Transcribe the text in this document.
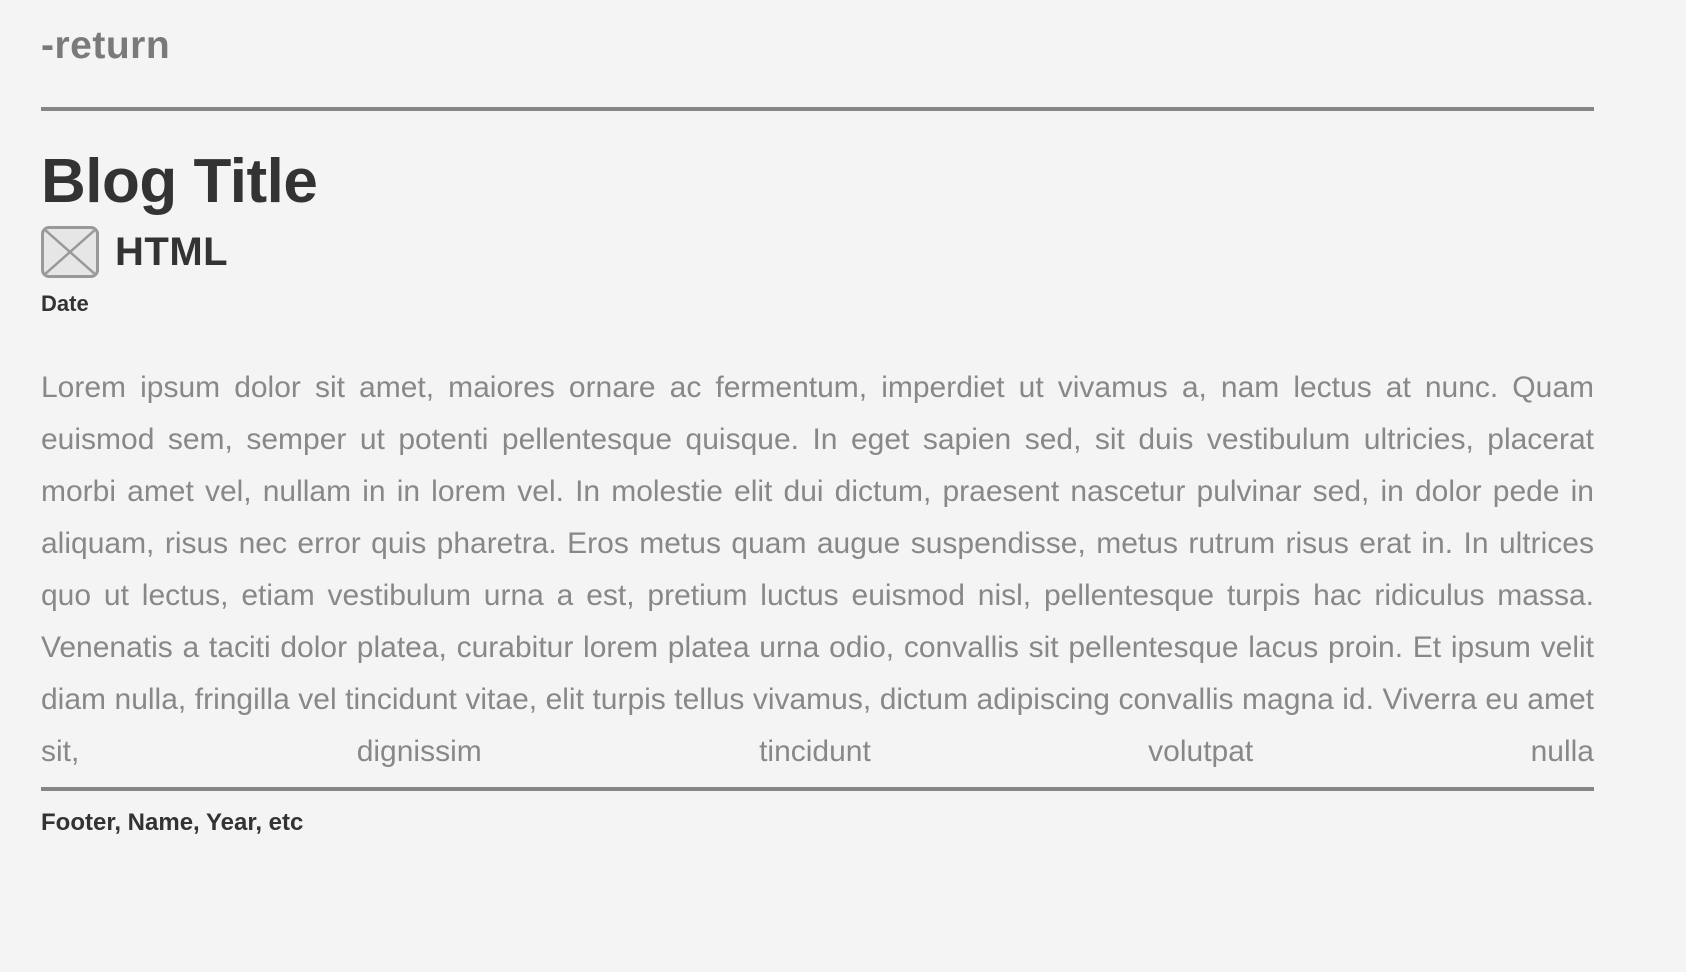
-return
Blog Title
HTML
Date

Lorem ipsum dolor sit amet, maiores ornare ac fermentum, imperdiet ut vivamus a, nam lectus at nunc. Quam euismod sem, semper ut potenti pellentesque quisque. In eget sapien sed, sit duis vestibulum ultricies, placerat morbi amet vel, nullam in in lorem vel. In molestie elit dui dictum, praesent nascetur pulvinar sed, in dolor pede in aliquam, risus nec error quis pharetra. Eros metus quam augue suspendisse, metus rutrum risus erat in. In ultrices quo ut lectus, etiam vestibulum urna a est, pretium luctus euismod nisl, pellentesque turpis hac ridiculus massa. Venenatis a taciti dolor platea, curabitur lorem platea urna odio, convallis sit pellentesque lacus proin. Et ipsum velit diam nulla, fringilla vel tincidunt vitae, elit turpis tellus vivamus, dictum adipiscing convallis magna id. Viverra eu amet sit, dignissim tincidunt volutpat nulla

Footer, Name, Year, etc
